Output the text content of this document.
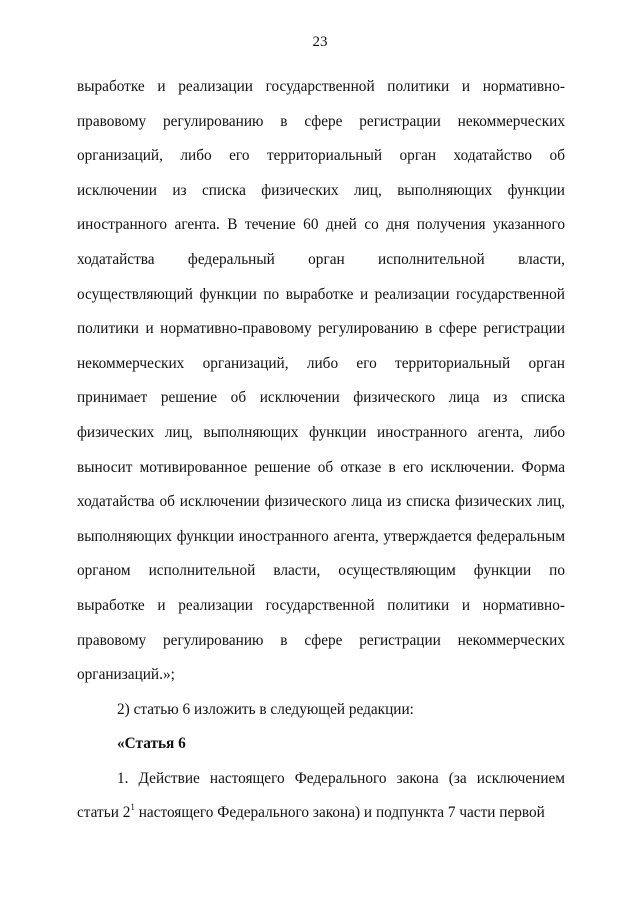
23

выработке и реализации государственной политики и нормативно-правовому регулированию в сфере регистрации некоммерческих организаций, либо его территориальный орган ходатайство об исключении из списка физических лиц, выполняющих функции иностранного агента. В течение 60 дней со дня получения указанного ходатайства федеральный орган исполнительной власти, осуществляющий функции по выработке и реализации государственной политики и нормативно-правовому регулированию в сфере регистрации некоммерческих организаций, либо его территориальный орган принимает решение об исключении физического лица из списка физических лиц, выполняющих функции иностранного агента, либо выносит мотивированное решение об отказе в его исключении. Форма ходатайства об исключении физического лица из списка физических лиц, выполняющих функции иностранного агента, утверждается федеральным органом исполнительной власти, осуществляющим функции по выработке и реализации государственной политики и нормативно-правовому регулированию в сфере регистрации некоммерческих организаций.»;

2) статью 6 изложить в следующей редакции:

«Статья 6

1. Действие настоящего Федерального закона (за исключением статьи $2^1$ настоящего Федерального закона) и подпункта 7 части первой
